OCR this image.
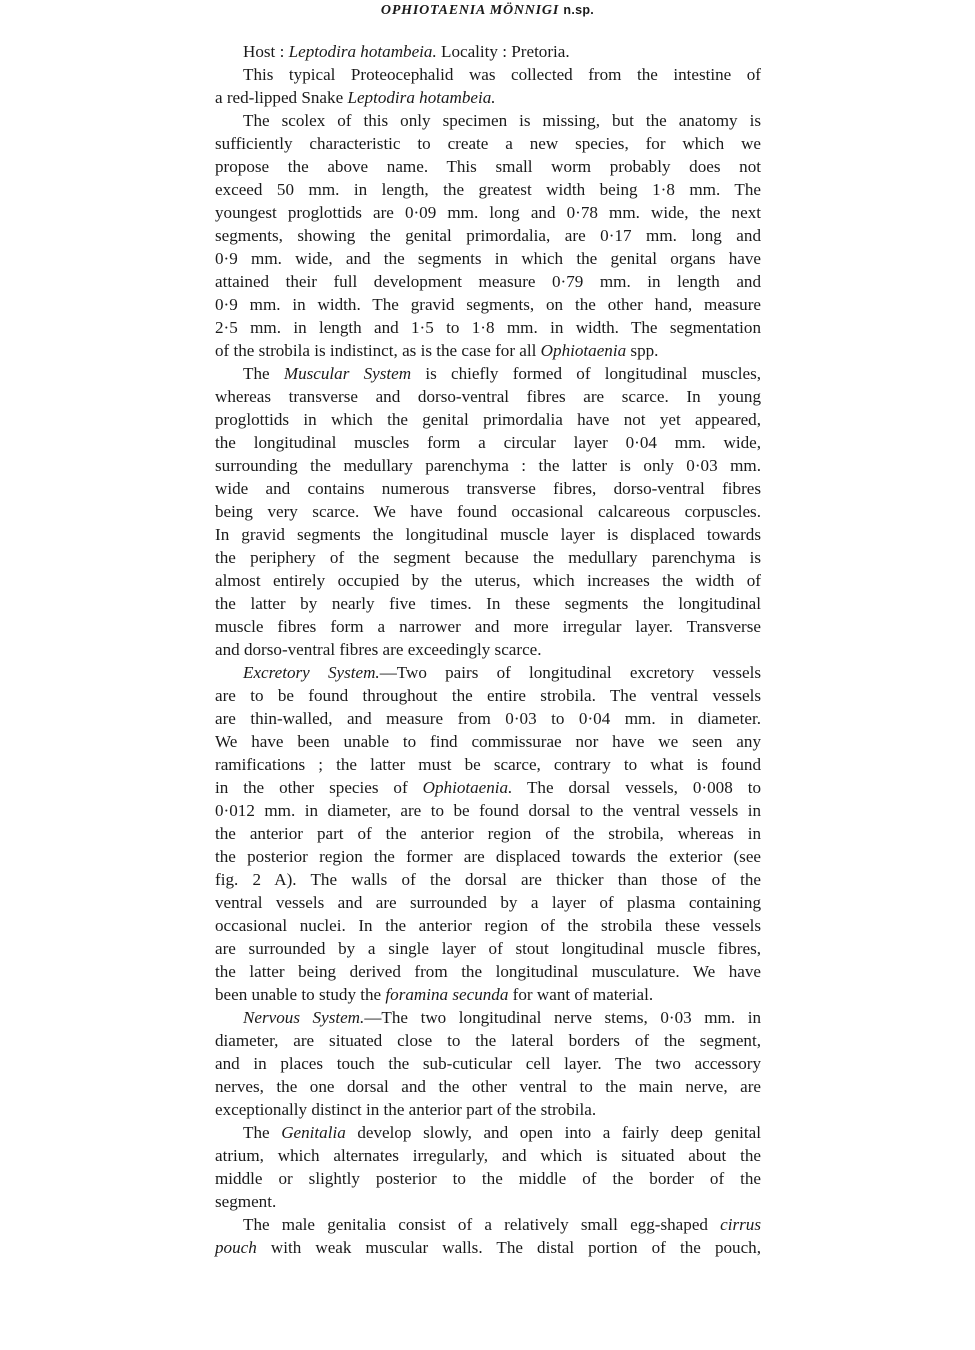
OPHIOTAENIA MÖNNIGI n.sp.
Host : Leptodira hotambeia. Locality : Pretoria.
This typical Proteocephalid was collected from the intestine of
a red-lipped Snake Leptodira hotambeia.
The scolex of this only specimen is missing, but the anatomy is
sufficiently characteristic to create a new species, for which we
propose the above name. This small worm probably does not
exceed 50 mm. in length, the greatest width being 1·8 mm. The
youngest proglottids are 0·09 mm. long and 0·78 mm. wide, the next
segments, showing the genital primordalia, are 0·17 mm. long and
0·9 mm. wide, and the segments in which the genital organs have
attained their full development measure 0·79 mm. in length and
0·9 mm. in width. The gravid segments, on the other hand, measure
2·5 mm. in length and 1·5 to 1·8 mm. in width. The segmentation
of the strobila is indistinct, as is the case for all Ophiotaenia spp.
The Muscular System is chiefly formed of longitudinal muscles,
whereas transverse and dorso-ventral fibres are scarce. In young
proglottids in which the genital primordalia have not yet appeared,
the longitudinal muscles form a circular layer 0·04 mm. wide,
surrounding the medullary parenchyma : the latter is only 0·03 mm.
wide and contains numerous transverse fibres, dorso-ventral fibres
being very scarce. We have found occasional calcareous corpuscles.
In gravid segments the longitudinal muscle layer is displaced towards
the periphery of the segment because the medullary parenchyma is
almost entirely occupied by the uterus, which increases the width of
the latter by nearly five times. In these segments the longitudinal
muscle fibres form a narrower and more irregular layer. Transverse
and dorso-ventral fibres are exceedingly scarce.
Excretory System.—Two pairs of longitudinal excretory vessels
are to be found throughout the entire strobila. The ventral vessels
are thin-walled, and measure from 0·03 to 0·04 mm. in diameter.
We have been unable to find commissurae nor have we seen any
ramifications ; the latter must be scarce, contrary to what is found
in the other species of Ophiotaenia. The dorsal vessels, 0·008 to
0·012 mm. in diameter, are to be found dorsal to the ventral vessels in
the anterior part of the anterior region of the strobila, whereas in
the posterior region the former are displaced towards the exterior (see
fig. 2 A). The walls of the dorsal are thicker than those of the
ventral vessels and are surrounded by a layer of plasma containing
occasional nuclei. In the anterior region of the strobila these vessels
are surrounded by a single layer of stout longitudinal muscle fibres,
the latter being derived from the longitudinal musculature. We have
been unable to study the foramina secunda for want of material.
Nervous System.—The two longitudinal nerve stems, 0·03 mm. in
diameter, are situated close to the lateral borders of the segment,
and in places touch the sub-cuticular cell layer. The two accessory
nerves, the one dorsal and the other ventral to the main nerve, are
exceptionally distinct in the anterior part of the strobila.
The Genitalia develop slowly, and open into a fairly deep genital
atrium, which alternates irregularly, and which is situated about the
middle or slightly posterior to the middle of the border of the
segment.
The male genitalia consist of a relatively small egg-shaped cirrus
pouch with weak muscular walls. The distal portion of the pouch,
